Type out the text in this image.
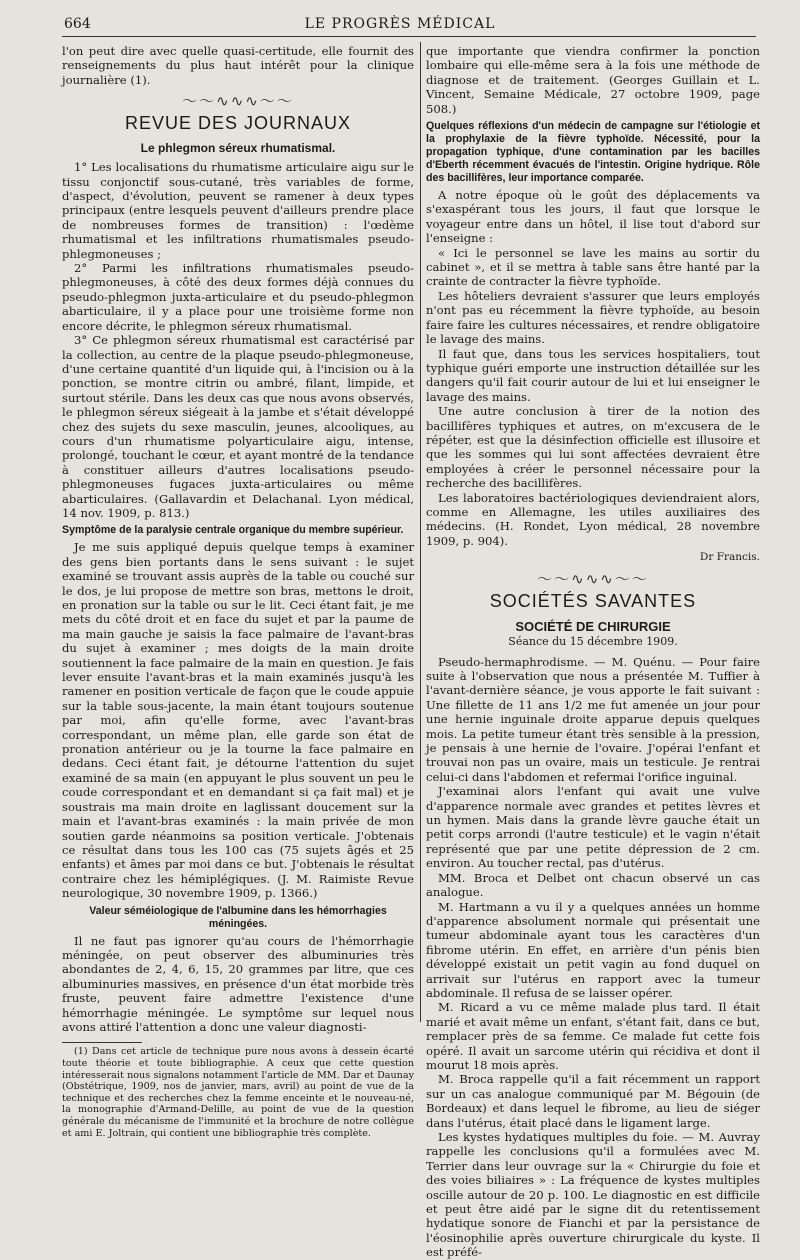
664	LE PROGRÈS MÉDICAL

l'on peut dire avec quelle quasi-certitude, elle fournit des renseignements du plus haut intérêt pour la clinique journalière (1).

〜〜∿∿∿〜〜
REVUE DES JOURNAUX
Le phlegmon séreux rhumatismal.

1° Les localisations du rhumatisme articulaire aigu sur le tissu conjonctif sous-cutané, très variables de forme, d'aspect, d'évolution, peuvent se ramener à deux types principaux (entre lesquels peuvent d'ailleurs prendre place de nombreuses formes de transition) : l'œdème rhumatismal et les infiltrations rhumatismales pseudo-phlegmoneuses ;

2° Parmi les infiltrations rhumatismales pseudo-phlegmoneuses, à côté des deux formes déjà connues du pseudo-phlegmon juxta-articulaire et du pseudo-phlegmon abarticulaire, il y a place pour une troisième forme non encore décrite, le phlegmon séreux rhumatismal.

3° Ce phlegmon séreux rhumatismal est caractérisé par la collection, au centre de la plaque pseudo-phlegmoneuse, d'une certaine quantité d'un liquide qui, à l'incision ou à la ponction, se montre citrin ou ambré, filant, limpide, et surtout stérile. Dans les deux cas que nous avons observés, le phlegmon séreux siégeait à la jambe et s'était développé chez des sujets du sexe masculin, jeunes, alcooliques, au cours d'un rhumatisme polyarticulaire aigu, intense, prolongé, touchant le cœur, et ayant montré de la tendance à constituer ailleurs d'autres localisations pseudo-phlegmoneuses fugaces juxta-articulaires ou même abarticulaires. (Gallavardin et Delachanal. Lyon médical, 14 nov. 1909, p. 813.)

Symptôme de la paralysie centrale organique du membre supérieur.

Je me suis appliqué depuis quelque temps à examiner des gens bien portants dans le sens suivant : le sujet examiné se trouvant assis auprès de la table ou couché sur le dos, je lui propose de mettre son bras, mettons le droit, en pronation sur la table ou sur le lit. Ceci étant fait, je me mets du côté droit et en face du sujet et par la paume de ma main gauche je saisis la face palmaire de l'avant-bras du sujet à examiner ; mes doigts de la main droite soutiennent la face palmaire de la main en question. Je fais lever ensuite l'avant-bras et la main examinés jusqu'à les ramener en position verticale de façon que le coude appuie sur la table sous-jacente, la main étant toujours soutenue par moi, afin qu'elle forme, avec l'avant-bras correspondant, un même plan, elle garde son état de pronation antérieur ou je la tourne la face palmaire en dedans. Ceci étant fait, je détourne l'attention du sujet examiné de sa main (en appuyant le plus souvent un peu le coude correspondant et en demandant si ça fait mal) et je soustrais ma main droite en laglissant doucement sur la main et l'avant-bras examinés : la main privée de mon soutien garde néanmoins sa position verticale. J'obtenais ce résultat dans tous les 100 cas (75 sujets âgés et 25 enfants) et âmes par moi dans ce but. J'obtenais le résultat contraire chez les hémiplégiques. (J. M. Raimiste Revue neurologique, 30 novembre 1909, p. 1366.)

Valeur séméiologique de l'albumine dans les hémorrhagies méningées.

Il ne faut pas ignorer qu'au cours de l'hémorrhagie méningée, on peut observer des albuminuries très abondantes de 2, 4, 6, 15, 20 grammes par litre, que ces albuminuries massives, en présence d'un état morbide très fruste, peuvent faire admettre l'existence d'une hémorrhagie méningée. Le symptôme sur lequel nous avons attiré l'attention a donc une valeur diagnosti-

(1) Dans cet article de technique pure nous avons à dessein écarté toute théorie et toute bibliographie. A ceux que cette question intéresserait nous signalons notamment l'article de MM. Dar et Daunay (Obstétrique, 1909, nos de janvier, mars, avril) au point de vue de la technique et des recherches chez la femme enceinte et le nouveau-né, la monographie d'Armand-Delille, au point de vue de la question générale du mécanisme de l'immunité et la brochure de notre collègue et ami E. Joltrain, qui contient une bibliographie très complète.

que importante que viendra confirmer la ponction lombaire qui elle-même sera à la fois une méthode de diagnose et de traitement. (Georges Guillain et L. Vincent, Semaine Médicale, 27 octobre 1909, page 508.)

Quelques réflexions d'un médecin de campagne sur l'étiologie et la prophylaxie de la fièvre typhoïde. Nécessité, pour la propagation typhique, d'une contamination par les bacilles d'Eberth récemment évacués de l'intestin. Origine hydrique. Rôle des bacillifères, leur importance comparée.

A notre époque où le goût des déplacements va s'exaspérant tous les jours, il faut que lorsque le voyageur entre dans un hôtel, il lise tout d'abord sur l'enseigne :

« Ici le personnel se lave les mains au sortir du cabinet », et il se mettra à table sans être hanté par la crainte de contracter la fièvre typhoïde.

Les hôteliers devraient s'assurer que leurs employés n'ont pas eu récemment la fièvre typhoïde, au besoin faire faire les cultures nécessaires, et rendre obligatoire le lavage des mains.

Il faut que, dans tous les services hospitaliers, tout typhique guéri emporte une instruction détaillée sur les dangers qu'il fait courir autour de lui et lui enseigner le lavage des mains.

Une autre conclusion à tirer de la notion des bacillifères typhiques et autres, on m'excusera de le répéter, est que la désinfection officielle est illusoire et que les sommes qui lui sont affectées devraient être employées à créer le personnel nécessaire pour la recherche des bacillifères.

Les laboratoires bactériologiques deviendraient alors, comme en Allemagne, les utiles auxiliaires des médecins. (H. Rondet, Lyon médical, 28 novembre 1909, p. 904).

Dr Francis.
〜〜∿∿∿〜〜
SOCIÉTÉS SAVANTES
SOCIÉTÉ DE CHIRURGIE
Séance du 15 décembre 1909.

Pseudo-hermaphrodisme. — M. Quénu. — Pour faire suite à l'observation que nous a présentée M. Tuffier à l'avant-dernière séance, je vous apporte le fait suivant : Une fillette de 11 ans 1/2 me fut amenée un jour pour une hernie inguinale droite apparue depuis quelques mois. La petite tumeur étant très sensible à la pression, je pensais à une hernie de l'ovaire. J'opérai l'enfant et trouvai non pas un ovaire, mais un testicule. Je rentrai celui-ci dans l'abdomen et refermai l'orifice inguinal.

J'examinai alors l'enfant qui avait une vulve d'apparence normale avec grandes et petites lèvres et un hymen. Mais dans la grande lèvre gauche était un petit corps arrondi (l'autre testicule) et le vagin n'était représenté que par une petite dépression de 2 cm. environ. Au toucher rectal, pas d'utérus.

MM. Broca et Delbet ont chacun observé un cas analogue.

M. Hartmann a vu il y a quelques années un homme d'apparence absolument normale qui présentait une tumeur abdominale ayant tous les caractères d'un fibrome utérin. En effet, en arrière d'un pénis bien développé existait un petit vagin au fond duquel on arrivait sur l'utérus en rapport avec la tumeur abdominale. Il refusa de se laisser opérer.

M. Ricard a vu ce même malade plus tard. Il était marié et avait même un enfant, s'étant fait, dans ce but, remplacer près de sa femme. Ce malade fut cette fois opéré. Il avait un sarcome utérin qui récidiva et dont il mourut 18 mois après.

M. Broca rappelle qu'il a fait récemment un rapport sur un cas analogue communiqué par M. Bégouin (de Bordeaux) et dans lequel le fibrome, au lieu de siéger dans l'utérus, était placé dans le ligament large.

Les kystes hydatiques multiples du foie. — M. Auvray rappelle les conclusions qu'il a formulées avec M. Terrier dans leur ouvrage sur la « Chirurgie du foie et des voies biliaires » : La fréquence de kystes multiples oscille autour de 20 p. 100. Le diagnostic en est difficile et peut être aidé par le signe dit du retentissement hydatique sonore de Fianchi et par la persistance de l'éosinophilie après ouverture chirurgicale du kyste. Il est préfé-
